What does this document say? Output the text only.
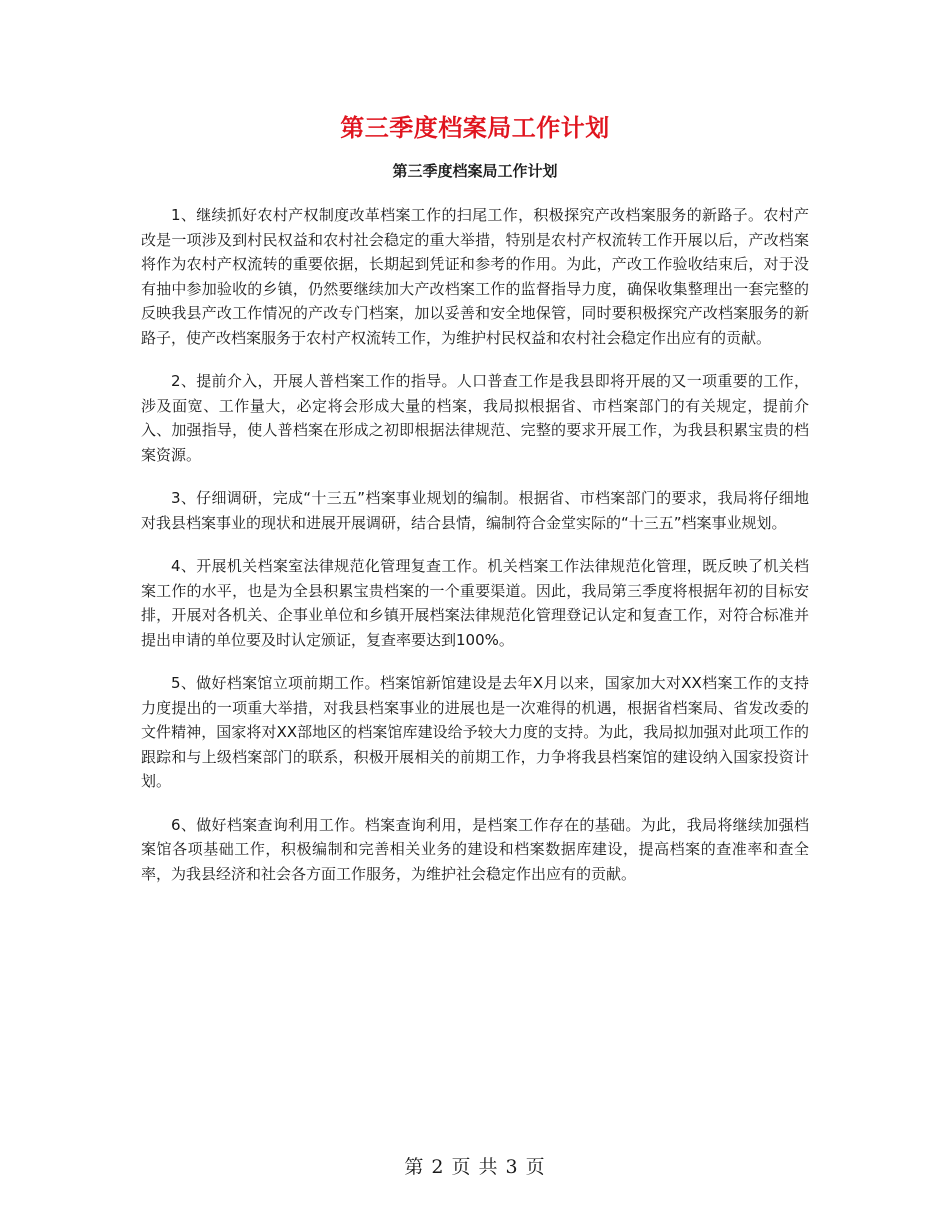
第三季度档案局工作计划
第三季度档案局工作计划

1、继续抓好农村产权制度改革档案工作的扫尾工作，积极探究产改档案服务的新路子。农村产改是一项涉及到村民权益和农村社会稳定的重大举措，特别是农村产权流转工作开展以后，产改档案将作为农村产权流转的重要依据，长期起到凭证和参考的作用。为此，产改工作验收结束后，对于没有抽中参加验收的乡镇，仍然要继续加大产改档案工作的监督指导力度，确保收集整理出一套完整的反映我县产改工作情况的产改专门档案，加以妥善和安全地保管，同时要积极探究产改档案服务的新路子，使产改档案服务于农村产权流转工作，为维护村民权益和农村社会稳定作出应有的贡献。

2、提前介入，开展人普档案工作的指导。人口普查工作是我县即将开展的又一项重要的工作，涉及面宽、工作量大，必定将会形成大量的档案，我局拟根据省、市档案部门的有关规定，提前介入、加强指导，使人普档案在形成之初即根据法律规范、完整的要求开展工作，为我县积累宝贵的档案资源。

3、仔细调研，完成“十三五”档案事业规划的编制。根据省、市档案部门的要求，我局将仔细地对我县档案事业的现状和进展开展调研，结合县情，编制符合金堂实际的“十三五”档案事业规划。

4、开展机关档案室法律规范化管理复查工作。机关档案工作法律规范化管理，既反映了机关档案工作的水平，也是为全县积累宝贵档案的一个重要渠道。因此，我局第三季度将根据年初的目标安排，开展对各机关、企事业单位和乡镇开展档案法律规范化管理登记认定和复查工作，对符合标准并提出申请的单位要及时认定颁证，复查率要达到100%。

5、做好档案馆立项前期工作。档案馆新馆建设是去年X月以来，国家加大对XX档案工作的支持力度提出的一项重大举措，对我县档案事业的进展也是一次难得的机遇，根据省档案局、省发改委的文件精神，国家将对XX部地区的档案馆库建设给予较大力度的支持。为此，我局拟加强对此项工作的跟踪和与上级档案部门的联系，积极开展相关的前期工作，力争将我县档案馆的建设纳入国家投资计划。

6、做好档案查询利用工作。档案查询利用，是档案工作存在的基础。为此，我局将继续加强档案馆各项基础工作，积极编制和完善相关业务的建设和档案数据库建设，提高档案的查准率和查全率，为我县经济和社会各方面工作服务，为维护社会稳定作出应有的贡献。

第 2 页 共 3 页
